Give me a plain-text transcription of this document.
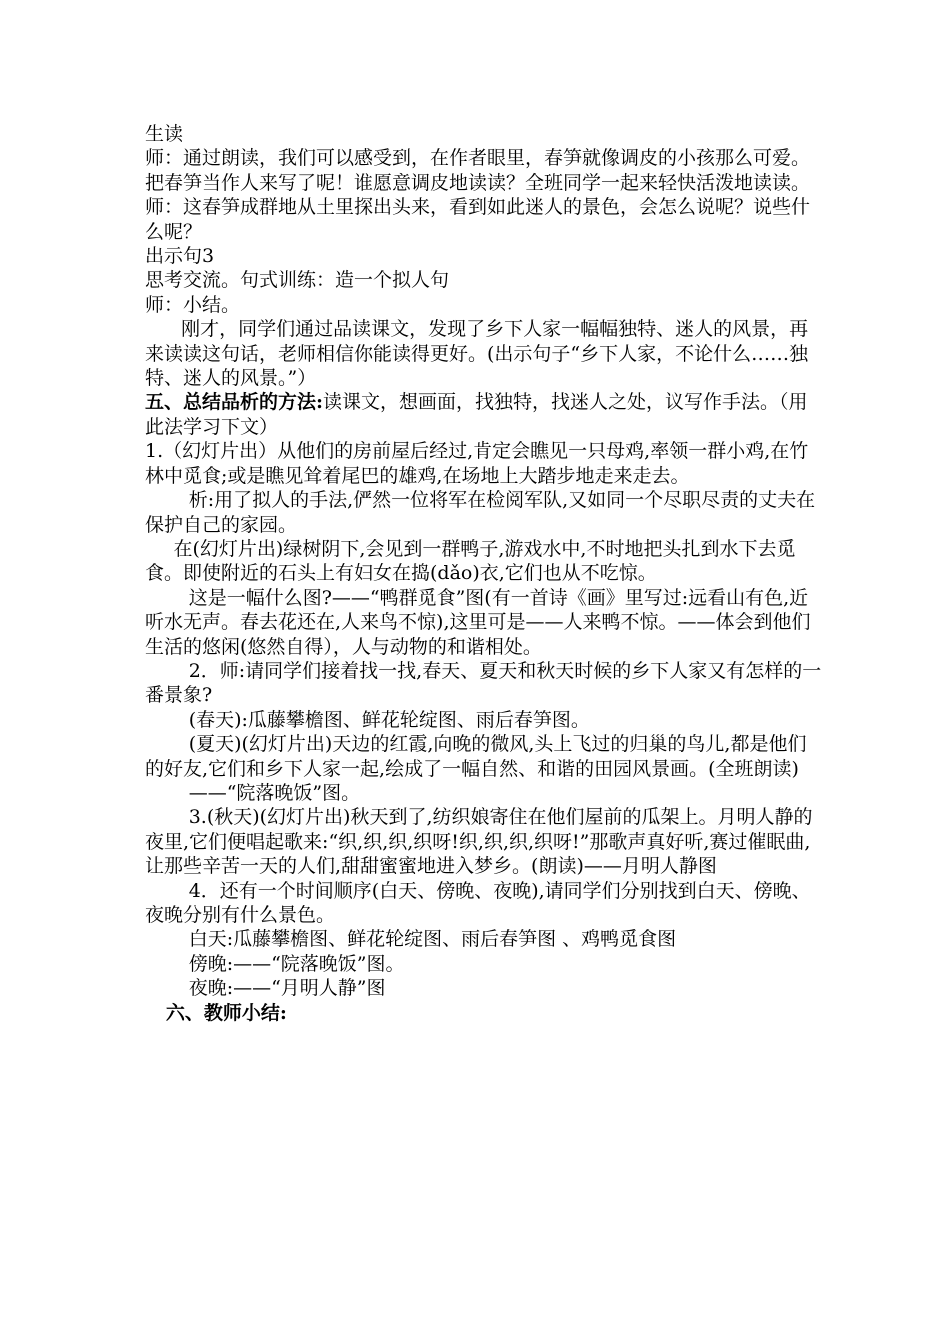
生读

师：通过朗读，我们可以感受到，在作者眼里，春笋就像调皮的小孩那么可爱。把春笋当作人来写了呢！谁愿意调皮地读读？全班同学一起来轻快活泼地读读。

师：这春笋成群地从土里探出头来，看到如此迷人的景色，会怎么说呢？说些什么呢？

出示句3

思考交流。句式训练：造一个拟人句

师：小结。

刚才，同学们通过品读课文，发现了乡下人家一幅幅独特、迷人的风景，再来读读这句话，老师相信你能读得更好。(出示句子“乡下人家，不论什么……独特、迷人的风景。”）

五、总结品析的方法:读课文，想画面，找独特，找迷人之处，议写作手法。（用此法学习下文）

1.（幻灯片出）从他们的房前屋后经过,肯定会瞧见一只母鸡,率领一群小鸡,在竹林中觅食;或是瞧见耸着尾巴的雄鸡,在场地上大踏步地走来走去。

析:用了拟人的手法,俨然一位将军在检阅军队,又如同一个尽职尽责的丈夫在保护自己的家园。

在(幻灯片出)绿树阴下,会见到一群鸭子,游戏水中,不时地把头扎到水下去觅食。即使附近的石头上有妇女在捣(dǎo)衣,它们也从不吃惊。

这是一幅什么图?——“鸭群觅食”图(有一首诗《画》里写过:远看山有色,近听水无声。春去花还在,人来鸟不惊),这里可是——人来鸭不惊。——体会到他们生活的悠闲(悠然自得），人与动物的和谐相处。

2．师:请同学们接着找一找,春天、夏天和秋天时候的乡下人家又有怎样的一番景象?

(春天):瓜藤攀檐图、鲜花轮绽图、雨后春笋图。

(夏天)(幻灯片出)天边的红霞,向晚的微风,头上飞过的归巢的鸟儿,都是他们的好友,它们和乡下人家一起,绘成了一幅自然、和谐的田园风景画。(全班朗读)

——“院落晚饭”图。

3.(秋天)(幻灯片出)秋天到了,纺织娘寄住在他们屋前的瓜架上。月明人静的夜里,它们便唱起歌来:“织,织,织,织呀!织,织,织,织呀!”那歌声真好听,赛过催眠曲,让那些辛苦一天的人们,甜甜蜜蜜地进入梦乡。(朗读)——月明人静图

4．还有一个时间顺序(白天、傍晚、夜晚),请同学们分别找到白天、傍晚、夜晚分别有什么景色。

白天:瓜藤攀檐图、鲜花轮绽图、雨后春笋图 、鸡鸭觅食图

傍晚:——“院落晚饭”图。

夜晚:——“月明人静”图

六、教师小结:
